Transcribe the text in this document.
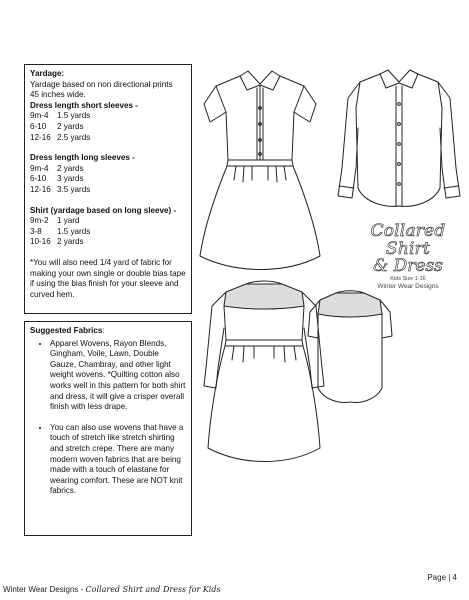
Yardage:
Yardage based on non directional prints
45 inches wide.
Dress length short sleeves -
9m-4	1.5 yards
6-10	2 yards
12-16 2.5 yards
Dress length long sleeves -
9m-4	2 yards
6-10	3 yards
12-16 3.5 yards
Shirt (yardage based on long sleeve) -
9m-2	1 yard
3-8	1.5 yards
10-16 2 yards
*You will also need 1/4 yard of fabric for making your own single or double bias tape if using the bias finish for your sleeve and curved hem.
Suggested Fabrics:
• Apparel Wovens, Rayon Blends, Gingham, Voile, Lawn, Double Gauze, Chambray, and other light weight wovens. *Quilting cotton also works well in this pattern for both shirt and dress, it will give a crisper overall finish with less drape.
• You can also use wovens that have a touch of stretch like stretch shirting and stretch crepe. There are many modern woven fabrics that are being made with a touch of elastane for wearing comfort. These are NOT knit fabrics.
Collared Shirt
& Dress
Kids Size 1-16
Winter Wear Designs
Page | 4
Winter Wear Designs - Collared Shirt and Dress for Kids
